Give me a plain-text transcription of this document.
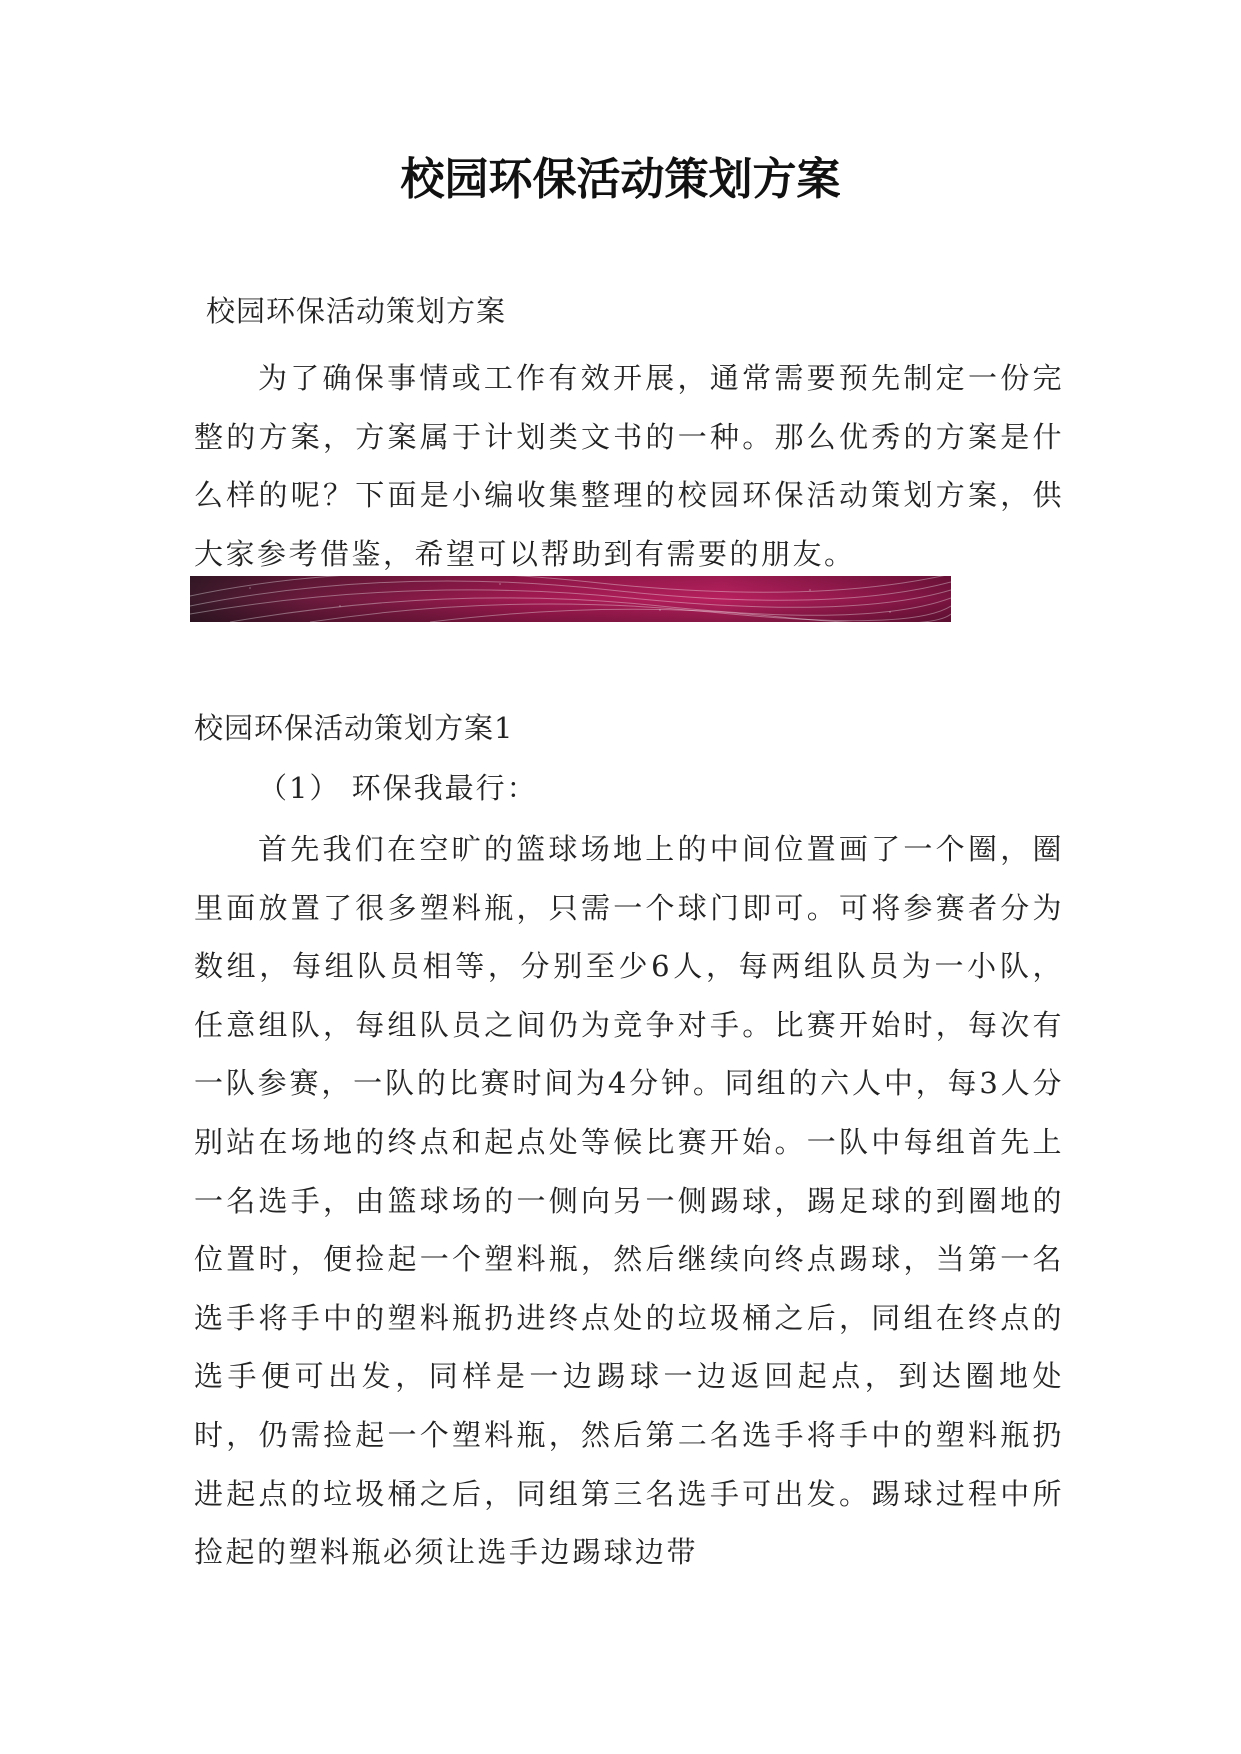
校园环保活动策划方案

校园环保活动策划方案

为了确保事情或工作有效开展，通常需要预先制定一份完整的方案，方案属于计划类文书的一种。那么优秀的方案是什么样的呢？下面是小编收集整理的校园环保活动策划方案，供大家参考借鉴，希望可以帮助到有需要的朋友。

校园环保活动策划方案1

（1） 环保我最行：

首先我们在空旷的篮球场地上的中间位置画了一个圈，圈里面放置了很多塑料瓶，只需一个球门即可。可将参赛者分为数组，每组队员相等，分别至少6人，每两组队员为一小队，任意组队，每组队员之间仍为竞争对手。比赛开始时，每次有一队参赛，一队的比赛时间为4分钟。同组的六人中，每3人分别站在场地的终点和起点处等候比赛开始。一队中每组首先上一名选手，由篮球场的一侧向另一侧踢球，踢足球的到圈地的位置时，便捡起一个塑料瓶，然后继续向终点踢球，当第一名选手将手中的塑料瓶扔进终点处的垃圾桶之后，同组在终点的选手便可出发，同样是一边踢球一边返回起点，到达圈地处时，仍需捡起一个塑料瓶，然后第二名选手将手中的塑料瓶扔进起点的垃圾桶之后，同组第三名选手可出发。踢球过程中所捡起的塑料瓶必须让选手边踢球边带
